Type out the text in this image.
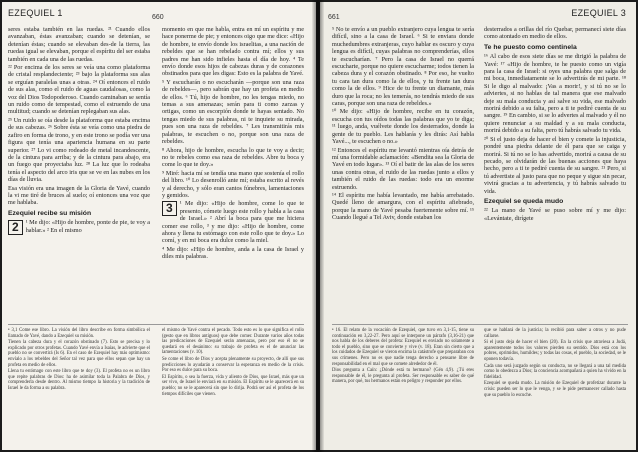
EZEQUIEL 1	660

seres estaba también en las ruedas. ²¹ Cuando ellos avanzaban, éstas avanzaban; cuando se detenían, se detenían éstas; cuando se elevaban des-de la tierra, las ruedas igual se elevaban, porque el espíritu del ser estaba también en cada una de las ruedas.

²² Por encima de los seres se veía una como plataforma de cristal resplandeciente; ²³ bajo la plataforma sus alas se erguían paralelas unas a otras. ²⁴ Oí entonces el ruido de sus alas, como el ruido de aguas caudalosas, como la voz del Dios Todopoderoso. Cuando caminaban se sentía un ruido como de tempestad, como el estruendo de una multitud; cuando se detenían replegaban sus alas.

²⁵ Un ruido se oía desde la plataforma que estaba encima de sus cabezas. ²⁶ Sobre ésta se veía como una piedra de zafiro en forma de trono, y en este trono se podía ver una figura que tenía una apariencia humana en su parte superior. ²⁷ Lo vi como rodeado de metal incandescente, de la cintura para arriba; y de la cintura para abajo, era un fuego que proyectaba luz. ²⁸ La luz que lo rodeaba tenía el aspecto del arco iris que se ve en las nubes en los días de lluvia.

Esa visión era una imagen de la Gloria de Yavé, cuando la vi me tiré de bruces al suelo; oí entonces una voz que me hablaba.

Ezequiel recibe su misión

2	¹ Me dijo: «Hijo de hombre, ponte de pie, te voy a hablar.» ² En el mismo

momento en que me habla, entra en mí un espíritu y me hace ponerme de pie; y entonces oigo que me dice: «Hijo de hombre, te envío donde los israelitas, a una nación de rebeldes que se han rebelado contra mí; ellos y sus padres me han sido infieles hasta el día de hoy. ⁴ Te envío donde esos hijos de cabezas duras y de corazones obstinados para que les digas: Esto es la palabra de Yavé.

⁵ Y escucharán o no escucharán —porque son una raza de rebeldes—, pero sabrán que hay un profeta en medio de ellos. ⁶ Tú, hijo de hombre, no les tengas miedo, no temas a sus amenazas; serán para ti como zarzas y ortigas, como un escorpión donde te hayas sentado. No tengas miedo de sus palabras, ni te inquiete su mirada, pues son una raza de rebeldes. ⁷ Les transmitirás mis palabras, te escuchen o no, porque son una raza de rebeldes.

⁸ Ahora, hijo de hombre, escucha lo que te voy a decir; no te rebeles como esa raza de rebeldes. Abre tu boca y come lo que te doy.»

⁹ Miré: hacia mí se tendía una mano que sostenía el rollo del libro. ¹⁰ Lo desenrolló ante mí; estaba escrito al revés y al derecho, y sólo eran cantos fúnebres, lamentaciones y gemidos.

3	¹ Me dijo: «Hijo de hombre, come lo que te presento, cómete luego este rollo y habla a la casa de Israel.» ² Abrí la boca para que me hiciera comer ese rollo, ³ y me dijo: «Hijo de hombre, come ahora y llena tu estómago con este rollo que te doy.» Lo comí, y en mi boca era dulce como la miel.

⁴ Me dijo: «Hijo de hombre, anda a la casa de Israel y diles mis palabras.

• 3,1 Come ese libro. La visión del libro describe en forma simbólica el llamado de Yavé, dando a Ezequiel su misión.

Tienen la cabeza dura y el corazón obstinado (7). Esto se precisa y lo explicado por otros profetas. Cuando Yavé envía a Isaías, le advierte que el pueblo no se convertirá (Is 6). En el caso de Ezequiel hay más optimismo: envíalo a los rebeldes del Señor tal vez para que ellos sepan que hay un profeta en medio de ellos.

Llena tu estómago con este libro que te doy (3). El profeta no es un libro que repite palabras de Dios: ha de asimilar toda la Palabra de Dios, y comprenderla desde dentro. Al mismo tiempo la historia y la tradición de Israel le da forma a su palabra.

el mismo de Yavé contra el pecado. Todo esto es lo que significa el rollo (gesto que en libros antiguos) que debe comer. Durante varios años todas las predicaciones de Ezequiel serán amenazas, pero por eso él no se quedará en el desánimo: su trabajo de profeta es el de anunciar las lamentaciones (v. 10).

Se come el libro de Dios y acepta plenamente su proyecto, de allí que sus predicciones lo ayudarán a conservar la esperanza en medio de la crisis. Por eso es dulce para su boca.

El Espíritu, o sea la fuerza, vida y aliento de Dios, que Israel, más que un ser vivo, de Israel le enviará en su misión. El Espíritu se le aparecerá en su pueblo; no se le aparecerá sin que lo dirija. Podrá ser así el profeta de los tiempos difíciles que vienen.

661	EZEQUIEL 3

⁵ No te envío a un pueblo extranjero cuya lengua te sería difícil, sino a la casa de Israel. ⁶ Si te enviara donde muchedumbres extranjeras, cuyo hablar es oscuro y cuya lengua es difícil, cuyas palabras no comprenderías, ellos te escucharían. ⁷ Pero la casa de Israel no querrá escucharte, porque no quiere escucharme; todos tienen la cabeza dura y el corazón obstinado. ⁸ Por eso, he vuelto tu cara tan dura como la de ellos, y tu frente tan dura como la de ellos. ⁹ Hice de tu frente un diamante, más duro que la roca; no les temerás, no tendrás miedo de sus caras, porque son una raza de rebeldes.»

¹⁰ Me dijo: «Hijo de hombre, recibe en tu corazón, escucha con tus oídos todas las palabras que yo te diga; ¹¹ luego, anda, vuélvete donde los desterrados, donde la gente de tu pueblo. Les hablarás y les dirás: Así habla Yavé..., te escuchen o no.»

¹² Entonces el espíritu me levantó mientras oía detrás de mí una formidable aclamación: «Bendita sea la Gloria de Yavé en todo lugar». ¹³ Oí el batir de las alas de los seres unas contra otras, el ruido de las ruedas junto a ellos y también el ruido de las ruedas: todo era un enorme estruendo.

¹⁴ El espíritu me había levantado, me había arrebatado. Quedé lleno de amargura, con el espíritu afiebrado, porque la mano de Yavé pesaba fuertemente sobre mí. ¹⁵ Cuando llegué a Tel Aviv, donde estaban los

desterrados a orillas del río Quebar, permanecí siete días como atontado en medio de ellos.

Te he puesto como centinela

¹⁶ Al cabo de esos siete días se me dirigió la palabra de Yavé: ¹⁷ «Hijo de hombre, te he puesto como un vigía para la casa de Israel: si oyes una palabra que salga de mi boca, inmediatamente se lo advertirás de mi parte. ¹⁸ Si le digo al malvado: ¡Vas a morir!, y si tú no se lo adviertes, si no hablas de tal manera que ese malvado deje su mala conducta y así salve su vida, ese malvado morirá debido a su falta, pero a ti te pediré cuenta de su sangre. ¹⁹ En cambio, si se lo advertes al malvado y él no quiere renunciar a su maldad y a su mala conducta, morirá debido a su falta, pero tú habrás salvado tu vida.

²⁰ Si el justo deja de hacer el bien y comete la injusticia, pondré una piedra delante de él para que se caiga y morirá. Si tú no se lo has advertido, morirá a causa de su pecado, se olvidarán de las buenas acciones que haya hecho, pero a ti te pediré cuenta de su sangre. ²¹ Pero, si tú advertiste al justo para que no peque y sigue sin pecar, vivirá gracias a tu advertencia, y tú habrás salvado tu vida.

Ezequiel se queda mudo

²² La mano de Yavé se puso sobre mí y me dijo: «Levántate, dirígete

• 16. El relato de la vocación de Ezequiel, que tuvo en 3,1-15, tiene su continuación en 3,22-27. Pero aquí se interpone un párrafo (3,16-21) que nos habla de los deberes del profeta: Ezequiel es enviado no solamente a todo el pueblo, sino que se convierte y vive (v. 18). Eran sin cierto que a los cuidados de Ezequiel se vieron encima la catástrofe que preparaban con sus crímenes. Pero no es que nadie tenga derecho a pensarse libre de responsabilidad en el mal que se comete alrededor de él.

Dios pregunta a Caín: ¿Dónde está tu hermano? (Gén 4,9). ¿Tú eres responsable de él, le pregunta al profeta. Ser responsable es saber de qué manera, por qué, tus hermanos están en peligro y responder por ellos.

que se hablará de la justicia; la recibió para saber a otros y no pude callarse.

Si el justo deja de hacer el bien (20). En la crisis que atraviesa a Judá, aparentemente todos los valores pierden su sentido. Dios está con los pobres, oprimidos, humildes; y todas las cosas, el pueblo, la sociedad, se le oponen todavía.

Cada uno será juzgado según su conducta, no se llegará a una tal medida como lo obedezca a Dios; la conciencia acompañará a quien ha vivido en la fidelidad.

Ezequiel se queda mudo. La misión de Ezequiel de profetizar durante la crisis: pueden ser lo que le venga, y se le pide permanecer callado hasta que su pueblo lo escuche.
